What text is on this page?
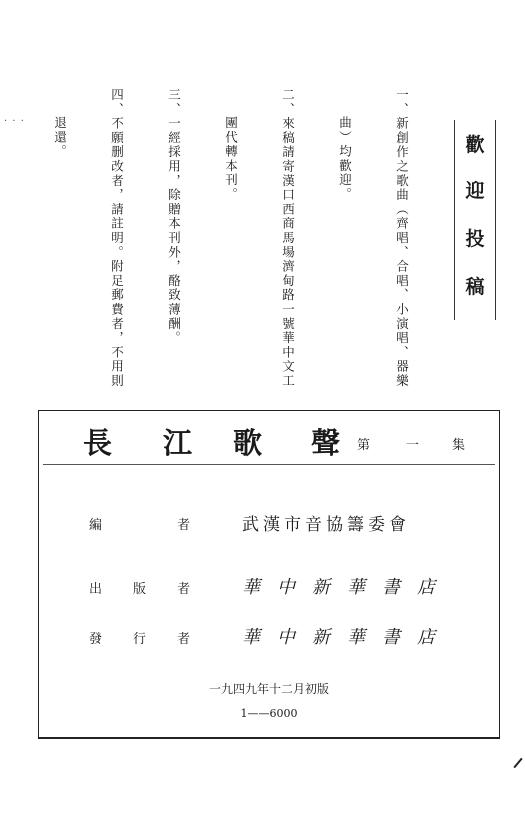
歡
迎
投
稿
一、新創作之歌曲（齊唱、合唱、小演唱、器樂
曲）均歡迎。
二、來稿請寄漢口西商馬場濟甸路一號華中文工
團代轉本刊。
三、一經採用，除贈本刊外，酪致薄酬。
四、不願删改者，請註明。附足郵費者，不用則
退還。
· · ·
長 江 歌 聲 第	一	集
編	者	武漢市音協籌委會
出 版 者	華中新華書店
發 行 者	華中新華書店
一九四九年十二月初版
1——6000
